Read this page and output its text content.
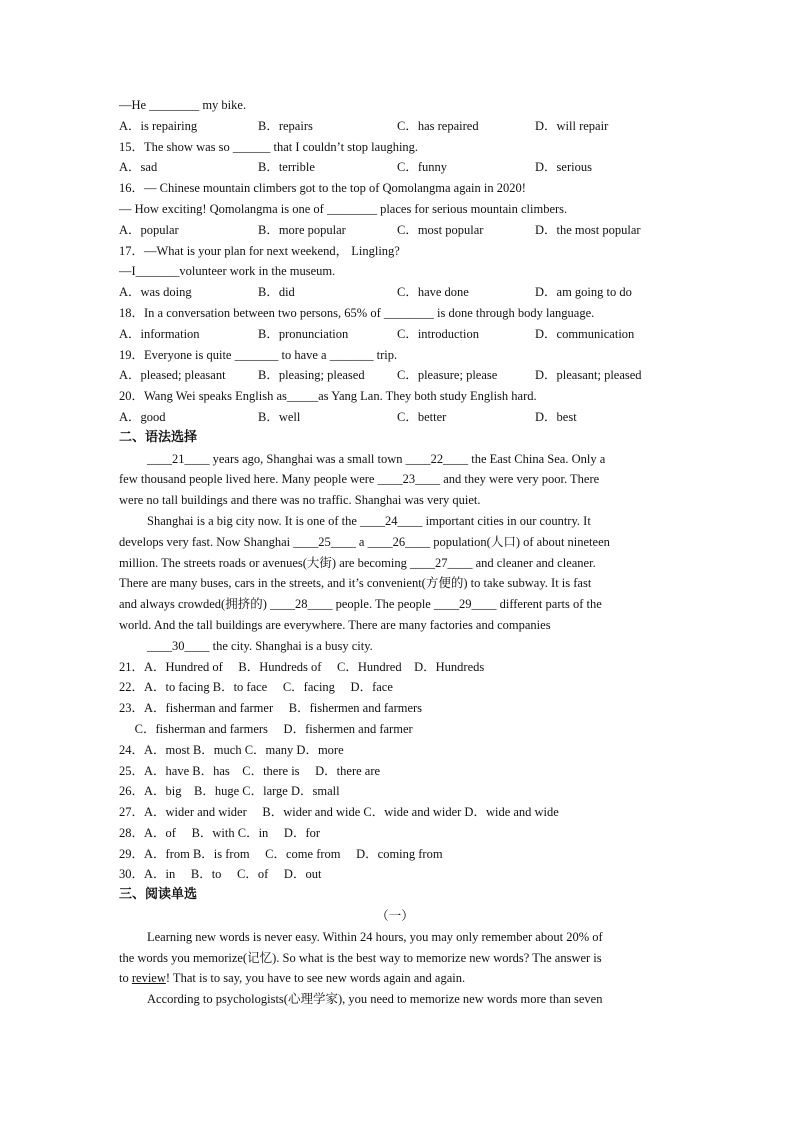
—He ________ my bike.
A．is repairing	B．repairs	C．has repaired	D．will repair
15．The show was so ______ that I couldn’t stop laughing.
A．sad	B．terrible	C．funny	D．serious
16．— Chinese mountain climbers got to the top of Qomolangma again in 2020!
— How exciting! Qomolangma is one of ________ places for serious mountain climbers.
A．popular	B．more popular	C．most popular	D．the most popular
17．—What is your plan for next weekend， Lingling?
—I_______volunteer work in the museum.
A．was doing	B．did	C．have done	D．am going to do
18．In a conversation between two persons, 65% of ________ is done through body language.
A．information	B．pronunciation	C．introduction	D．communication
19．Everyone is quite _______ to have a _______ trip.
A．pleased; pleasant	B．pleasing; pleased	C．pleasure; please	D．pleasant; pleased
20．Wang Wei speaks English as_____as Yang Lan. They both study English hard.
A．good	B．well	C．better	D．best
二、语法选择
____21____ years ago, Shanghai was a small town ____22____ the East China Sea. Only a
few thousand people lived here. Many people were ____23____ and they were very poor. There
were no tall buildings and there was no traffic. Shanghai was very quiet.
Shanghai is a big city now. It is one of the ____24____ important cities in our country. It
develops very fast. Now Shanghai ____25____ a ____26____ population(人口) of about nineteen
million. The streets roads or avenues(大街) are becoming ____27____ and cleaner and cleaner.
There are many buses, cars in the streets, and it’s convenient(方便的) to take subway. It is fast
and always crowded(拥挤的) ____28____ people. The people ____29____ different parts of the
world. And the tall buildings are everywhere. There are many factories and companies
____30____ the city. Shanghai is a busy city.
21．A．Hundred of　 B．Hundreds of　 C．Hundred　D．Hundreds
22．A．to facing B．to face　 C．facing　 D．face
23．A．fisherman and farmer　 B．fishermen and farmers
　 C．fisherman and farmers　 D．fishermen and farmer
24．A．most B．much C．many D．more
25．A．have B．has　C．there is　 D．there are
26．A．big　B．huge C．large D．small
27．A．wider and wider　 B．wider and wide C．wide and wider D．wide and wide
28．A．of　 B．with C．in　 D．for
29．A．from B．is from　 C．come from　 D．coming from
30．A．in　 B．to　 C．of　 D．out
三、阅读单选
（一）
Learning new words is never easy. Within 24 hours, you may only remember about 20% of
the words you memorize(记忆). So what is the best way to memorize new words? The answer is
to review! That is to say, you have to see new words again and again.
According to psychologists(心理学家), you need to memorize new words more than seven
